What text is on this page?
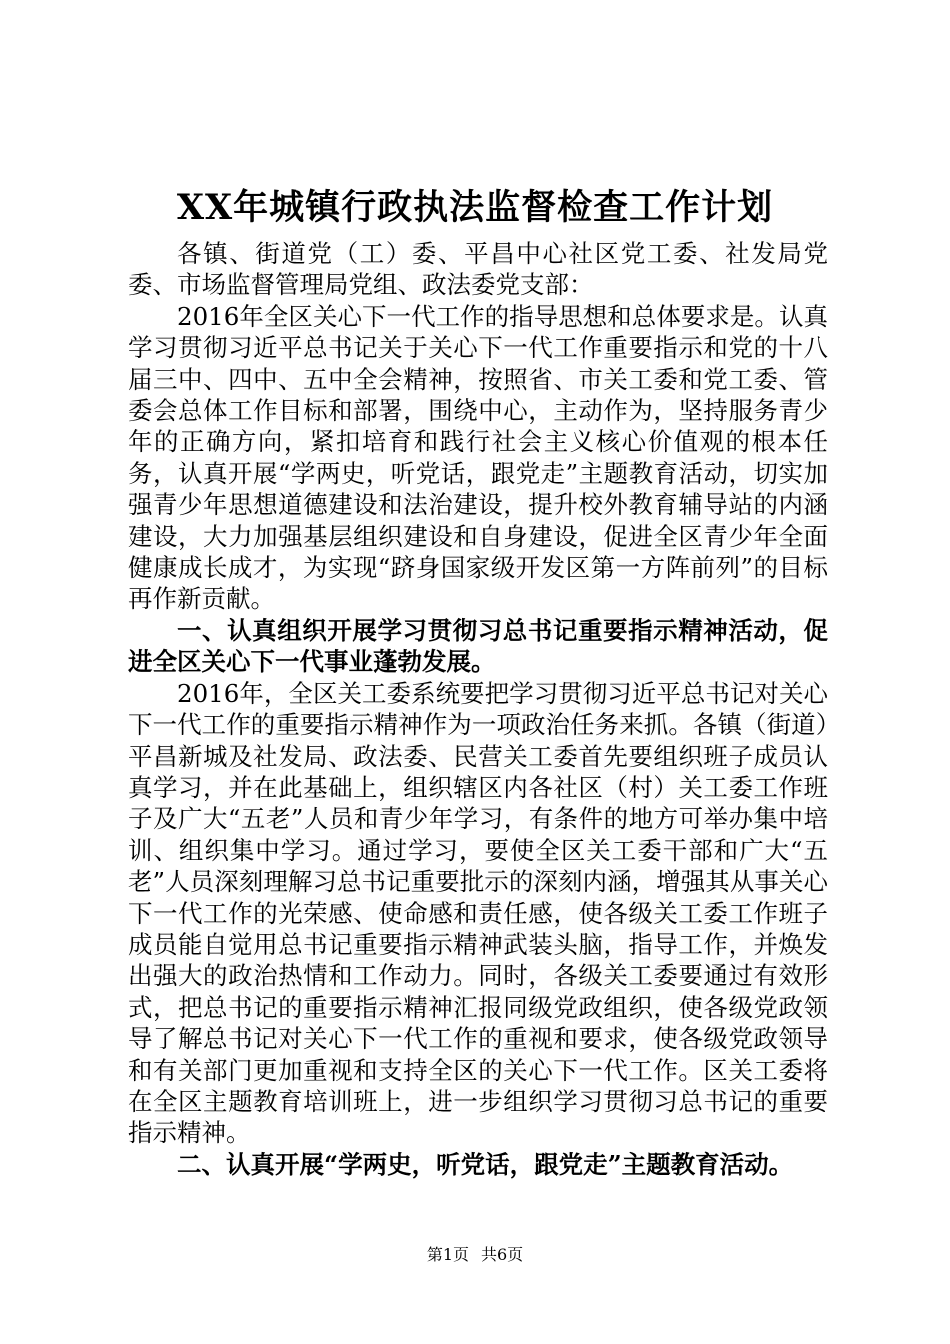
XX年城镇行政执法监督检查工作计划

各镇、街道党（工）委、平昌中心社区党工委、社发局党委、市场监督管理局党组、政法委党支部：

2016年全区关心下一代工作的指导思想和总体要求是。认真学习贯彻习近平总书记关于关心下一代工作重要指示和党的十八届三中、四中、五中全会精神，按照省、市关工委和党工委、管委会总体工作目标和部署，围绕中心，主动作为，坚持服务青少年的正确方向，紧扣培育和践行社会主义核心价值观的根本任务，认真开展“学两史，听党话，跟党走”主题教育活动，切实加强青少年思想道德建设和法治建设，提升校外教育辅导站的内涵建设，大力加强基层组织建设和自身建设，促进全区青少年全面健康成长成才，为实现“跻身国家级开发区第一方阵前列”的目标再作新贡献。

一、认真组织开展学习贯彻习总书记重要指示精神活动，促进全区关心下一代事业蓬勃发展。

2016年，全区关工委系统要把学习贯彻习近平总书记对关心下一代工作的重要指示精神作为一项政治任务来抓。各镇（街道）平昌新城及社发局、政法委、民营关工委首先要组织班子成员认真学习，并在此基础上，组织辖区内各社区（村）关工委工作班子及广大“五老”人员和青少年学习，有条件的地方可举办集中培训、组织集中学习。通过学习，要使全区关工委干部和广大“五老”人员深刻理解习总书记重要批示的深刻内涵，增强其从事关心下一代工作的光荣感、使命感和责任感，使各级关工委工作班子成员能自觉用总书记重要指示精神武装头脑，指导工作，并焕发出强大的政治热情和工作动力。同时，各级关工委要通过有效形式，把总书记的重要指示精神汇报同级党政组织，使各级党政领导了解总书记对关心下一代工作的重视和要求，使各级党政领导和有关部门更加重视和支持全区的关心下一代工作。区关工委将在全区主题教育培训班上，进一步组织学习贯彻习总书记的重要指示精神。

二、认真开展“学两史，听党话，跟党走”主题教育活动。

第1页 共6页
